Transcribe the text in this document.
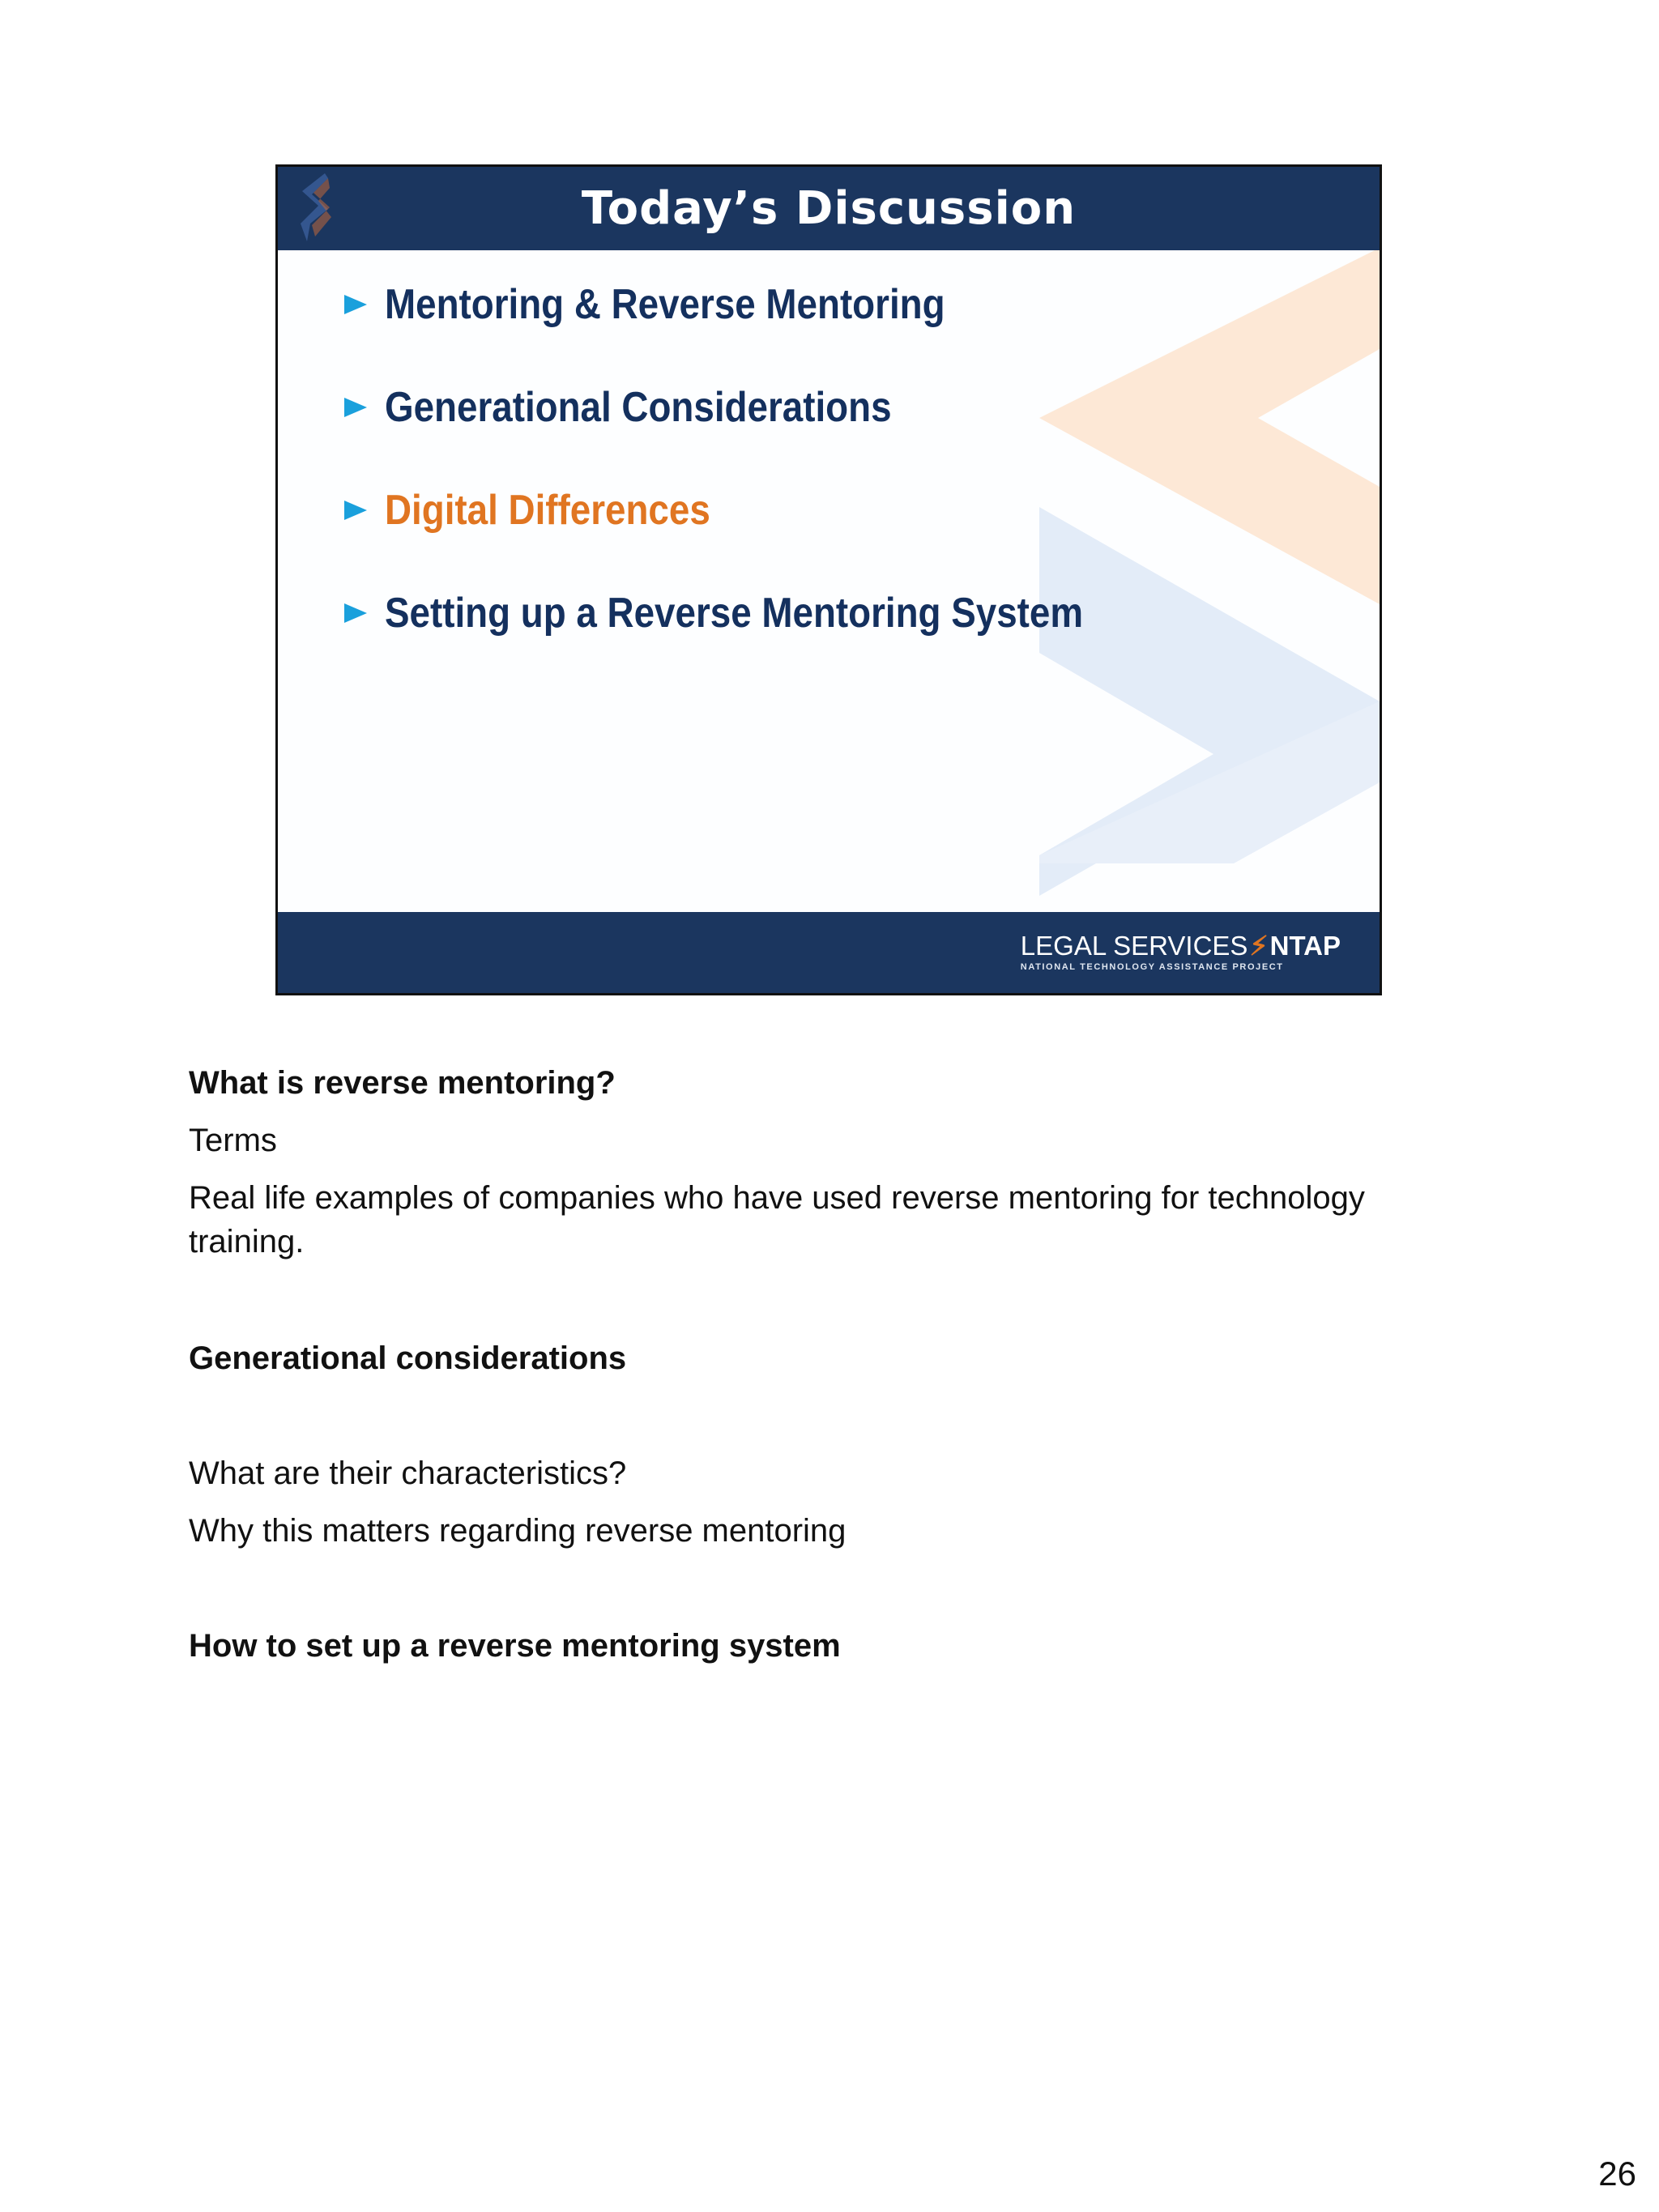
Today’s Discussion
Mentoring & Reverse Mentoring
Generational Considerations
Digital Differences
Setting up a Reverse Mentoring System
LEGAL SERVICES⚡︎NTAP
NATIONAL TECHNOLOGY ASSISTANCE PROJECT
What is reverse mentoring?
Terms
Real life examples of companies who have used reverse mentoring for technology training.
Generational considerations
What are their characteristics?
Why this matters regarding reverse mentoring
How to set up a reverse mentoring system
26
